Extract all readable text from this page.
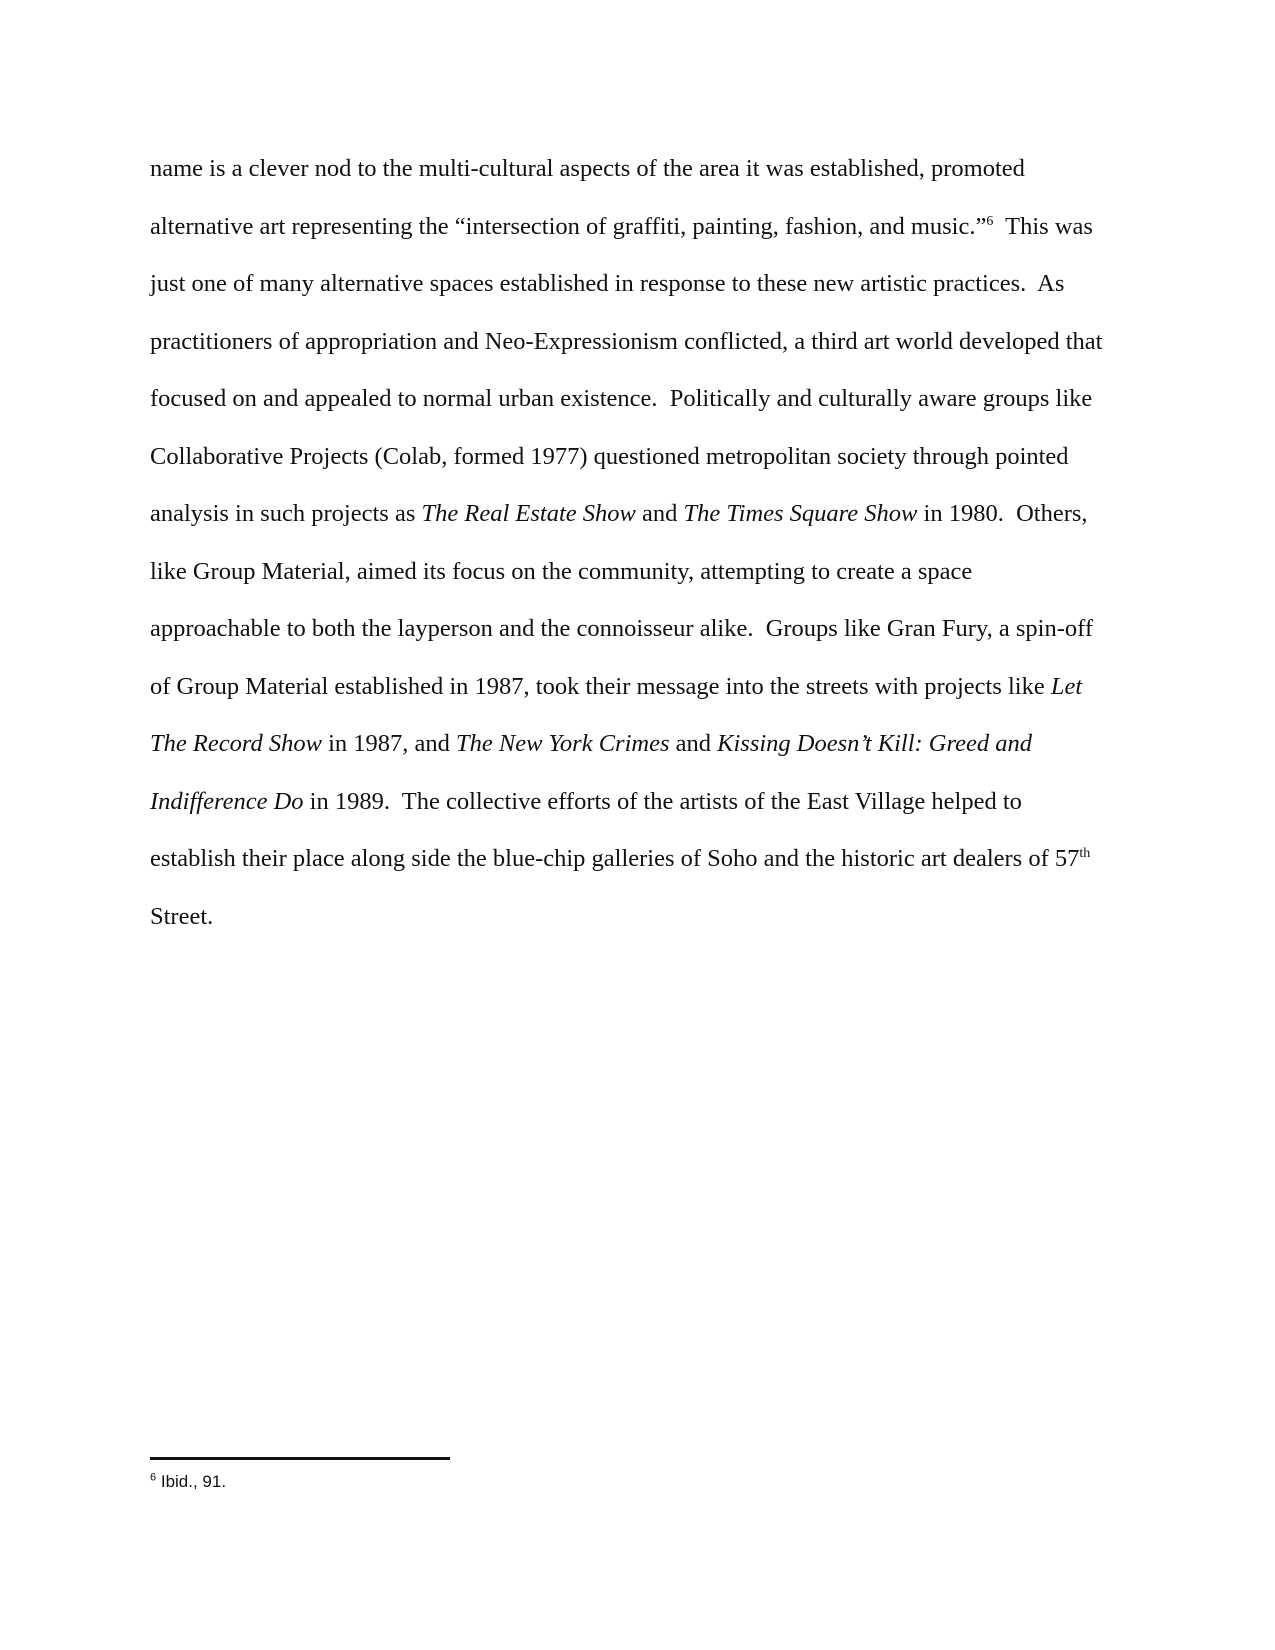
name is a clever nod to the multi-cultural aspects of the area it was established, promoted
alternative art representing the “intersection of graffiti, painting, fashion, and music.”$^6$  This was
just one of many alternative spaces established in response to these new artistic practices.  As
practitioners of appropriation and Neo-Expressionism conflicted, a third art world developed that
focused on and appealed to normal urban existence.  Politically and culturally aware groups like
Collaborative Projects (Colab, formed 1977) questioned metropolitan society through pointed
analysis in such projects as The Real Estate Show and The Times Square Show in 1980.  Others,
like Group Material, aimed its focus on the community, attempting to create a space
approachable to both the layperson and the connoisseur alike.  Groups like Gran Fury, a spin-off
of Group Material established in 1987, took their message into the streets with projects like Let
The Record Show in 1987, and The New York Crimes and Kissing Doesn’t Kill: Greed and
Indifference Do in 1989.  The collective efforts of the artists of the East Village helped to
establish their place along side the blue-chip galleries of Soho and the historic art dealers of 57th
Street.
$^6$ Ibid., 91.
